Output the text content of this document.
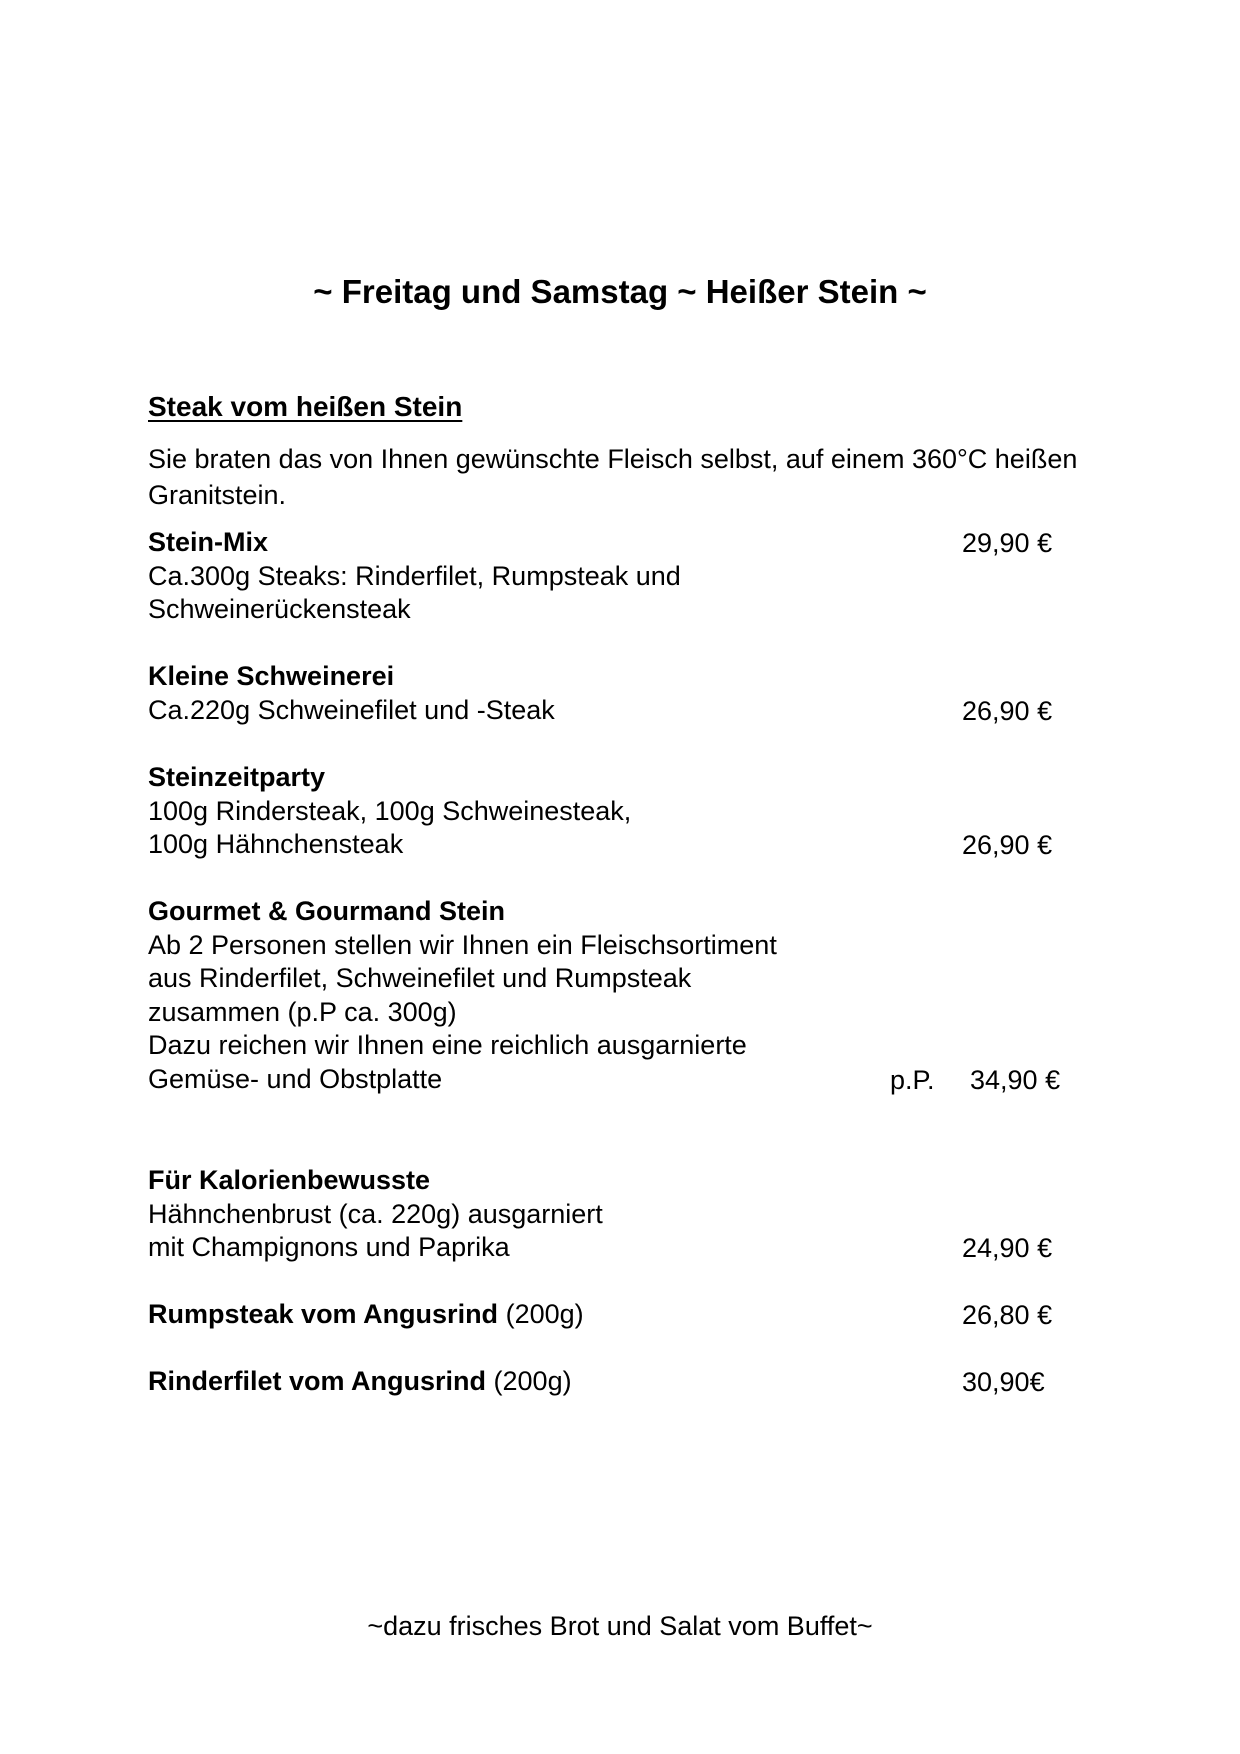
~ Freitag und Samstag ~ Heißer Stein ~
Steak vom heißen Stein
Sie braten das von Ihnen gewünschte Fleisch selbst, auf einem 360°C heißen Granitstein.
Stein-Mix
Ca.300g Steaks: Rinderfilet, Rumpsteak und
Schweinerückensteak
29,90 €
Kleine Schweinerei
Ca.220g Schweinefilet und -Steak	26,90 €
Steinzeitparty
100g Rindersteak, 100g Schweinesteak,
100g Hähnchensteak	26,90 €
Gourmet & Gourmand Stein
Ab 2 Personen stellen wir Ihnen ein Fleischsortiment
aus Rinderfilet, Schweinefilet und Rumpsteak
zusammen (p.P ca. 300g)
Dazu reichen wir Ihnen eine reichlich ausgarnierte
Gemüse- und Obstplatte	p.P. 34,90 €
Für Kalorienbewusste
Hähnchenbrust (ca. 220g) ausgarniert
mit Champignons und Paprika	24,90 €
Rumpsteak vom Angusrind (200g)	26,80 €
Rinderfilet vom Angusrind (200g)	30,90€
~dazu frisches Brot und Salat vom Buffet~
